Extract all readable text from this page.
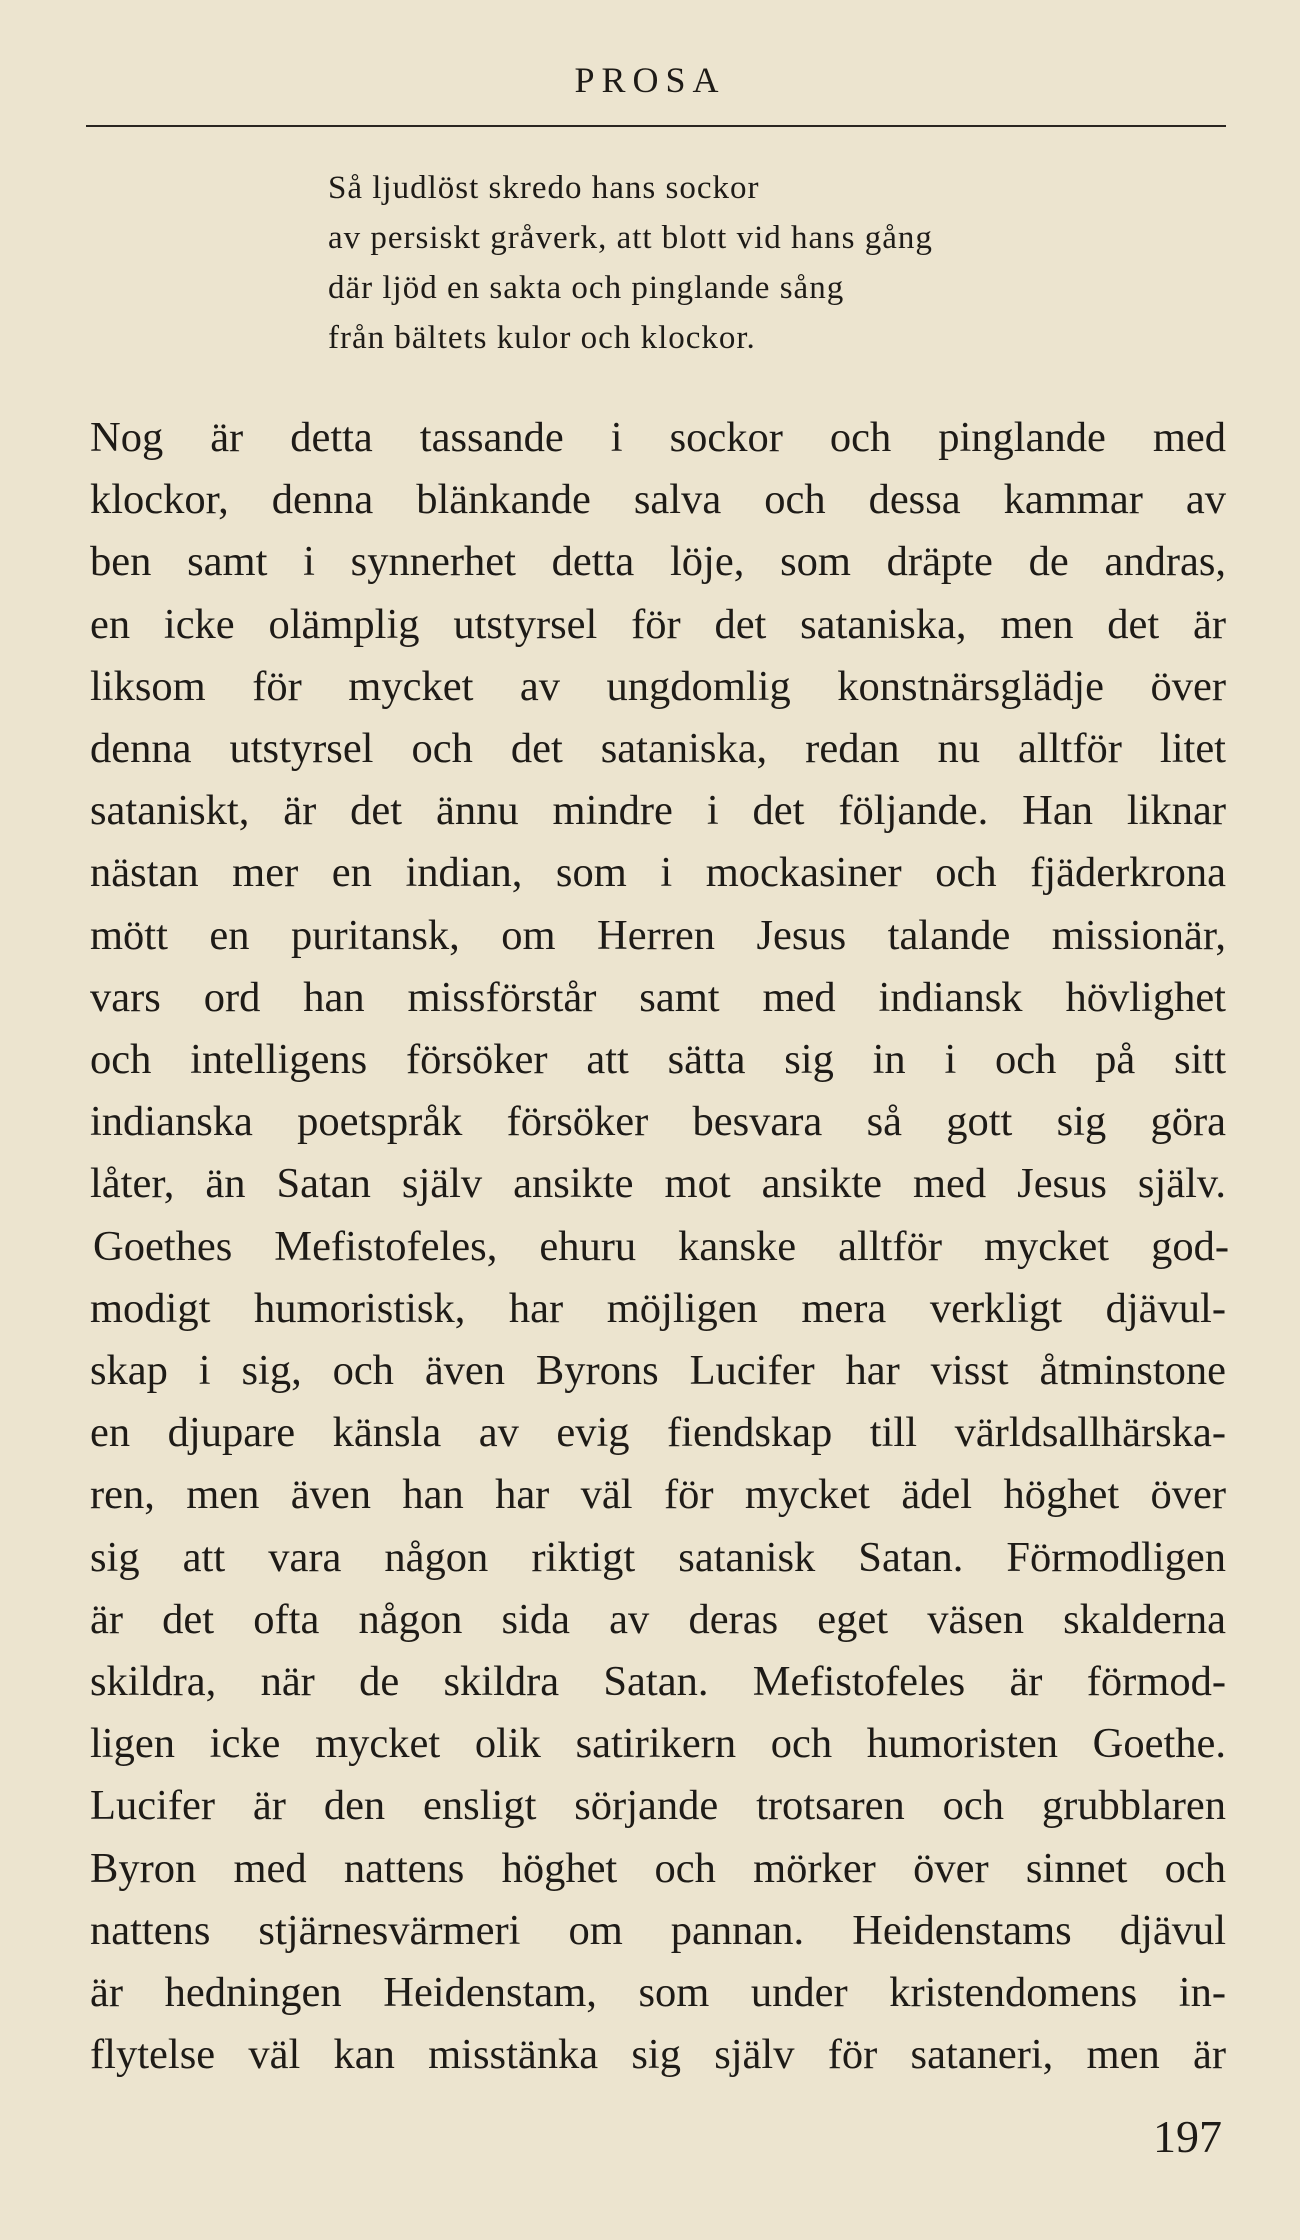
PROSA
Så ljudlöst skredo hans sockor
av persiskt gråverk, att blott vid hans gång
där ljöd en sakta och pinglande sång
från bältets kulor och klockor.
Nog är detta tassande i sockor och pinglande med
klockor, denna blänkande salva och dessa kammar av
ben samt i synnerhet detta löje, som dräpte de andras,
en icke olämplig utstyrsel för det sataniska, men det är
liksom för mycket av ungdomlig konstnärsglädje över
denna utstyrsel och det sataniska, redan nu alltför litet
sataniskt, är det ännu mindre i det följande. Han liknar
nästan mer en indian, som i mockasiner och fjäderkrona
mött en puritansk, om Herren Jesus talande missionär,
vars ord han missförstår samt med indiansk hövlighet
och intelligens försöker att sätta sig in i och på sitt
indianska poetspråk försöker besvara så gott sig göra
låter, än Satan själv ansikte mot ansikte med Jesus själv.
Goethes Mefistofeles, ehuru kanske alltför mycket god-
modigt humoristisk, har möjligen mera verkligt djävul-
skap i sig, och även Byrons Lucifer har visst åtminstone
en djupare känsla av evig fiendskap till världsallhärska-
ren, men även han har väl för mycket ädel höghet över
sig att vara någon riktigt satanisk Satan. Förmodligen
är det ofta någon sida av deras eget väsen skalderna
skildra, när de skildra Satan. Mefistofeles är förmod-
ligen icke mycket olik satirikern och humoristen Goethe.
Lucifer är den ensligt sörjande trotsaren och grubblaren
Byron med nattens höghet och mörker över sinnet och
nattens stjärnesvärmeri om pannan. Heidenstams djävul
är hedningen Heidenstam, som under kristendomens in-
flytelse väl kan misstänka sig själv för sataneri, men är
197
